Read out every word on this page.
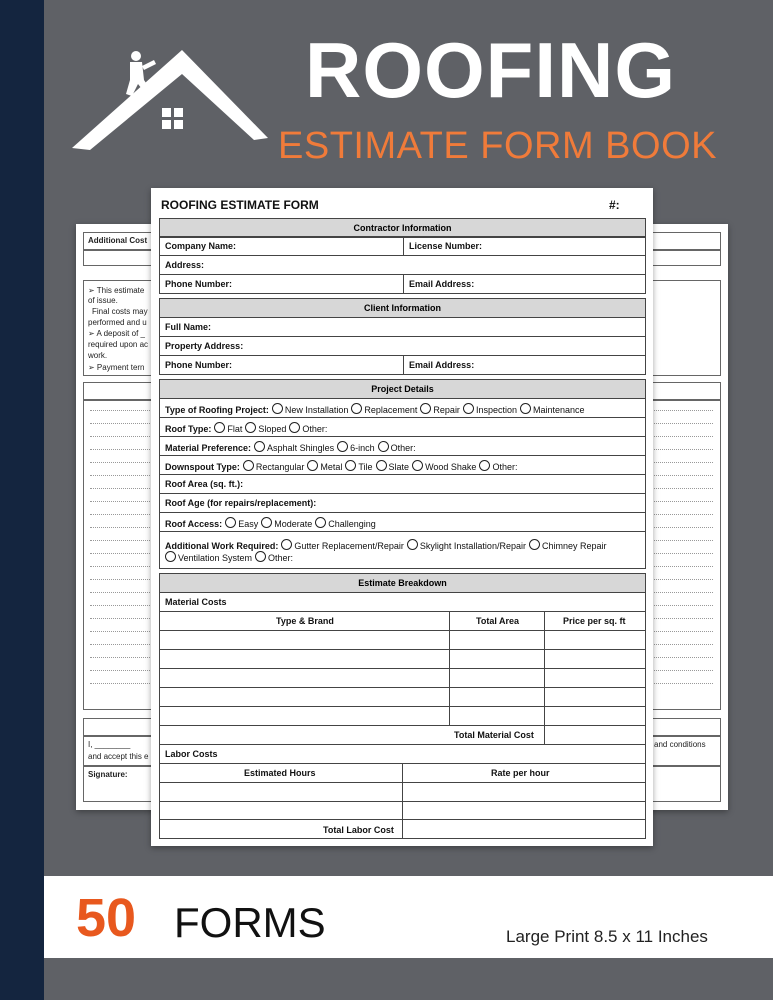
ROOFING
ESTIMATE FORM BOOK
Additional Cost
➢ This estimate
of issue.
Final costs may
performed and u
➢ A deposit of _
required upon ac
work.
➢ Payment tern
I, ________
and accept this e
and conditions
Signature:
ROOFING ESTIMATE FORM	#:
Contractor Information
Company Name:	License Number:
Address:
Phone Number:	Email Address:
Client Information
Full Name:
Property Address:
Phone Number:	Email Address:
Project Details
Type of Roofing Project: New Installation Replacement Repair Inspection Maintenance
Roof Type: Flat Sloped Other:
Material Preference: Asphalt Shingles 6-inch Other:
Downspout Type: Rectangular Metal Tile Slate Wood Shake Other:
Roof Area (sq. ft.):
Roof Age (for repairs/replacement):
Roof Access: Easy Moderate Challenging
Additional Work Required: Gutter Replacement/Repair Skylight Installation/Repair Chimney Repair
Ventilation System Other:
Estimate Breakdown
Material Costs
Type & Brand	Total Area	Price per sq. ft
Total Material Cost
Labor Costs
Estimated Hours	Rate per hour
Total Labor Cost
50 FORMS	Large Print 8.5 x 11 Inches
